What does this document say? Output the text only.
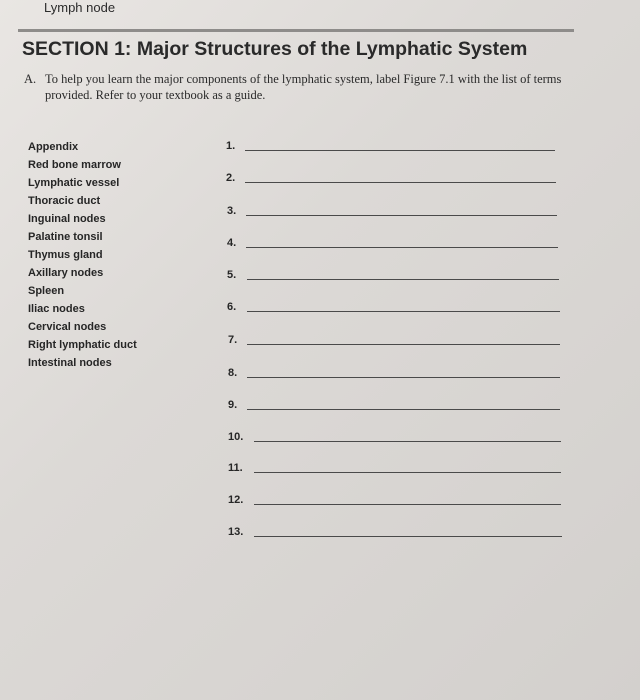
Lymph node
SECTION 1: Major Structures of the Lymphatic System
A. To help you learn the major components of the lymphatic system, label Figure 7.1 with the list of terms provided. Refer to your textbook as a guide.
Appendix
Red bone marrow
Lymphatic vessel
Thoracic duct
Inguinal nodes
Palatine tonsil
Thymus gland
Axillary nodes
Spleen
Iliac nodes
Cervical nodes
Right lymphatic duct
Intestinal nodes
1.
2.
3.
4.
5.
6.
7.
8.
9.
10.
11.
12.
13.
